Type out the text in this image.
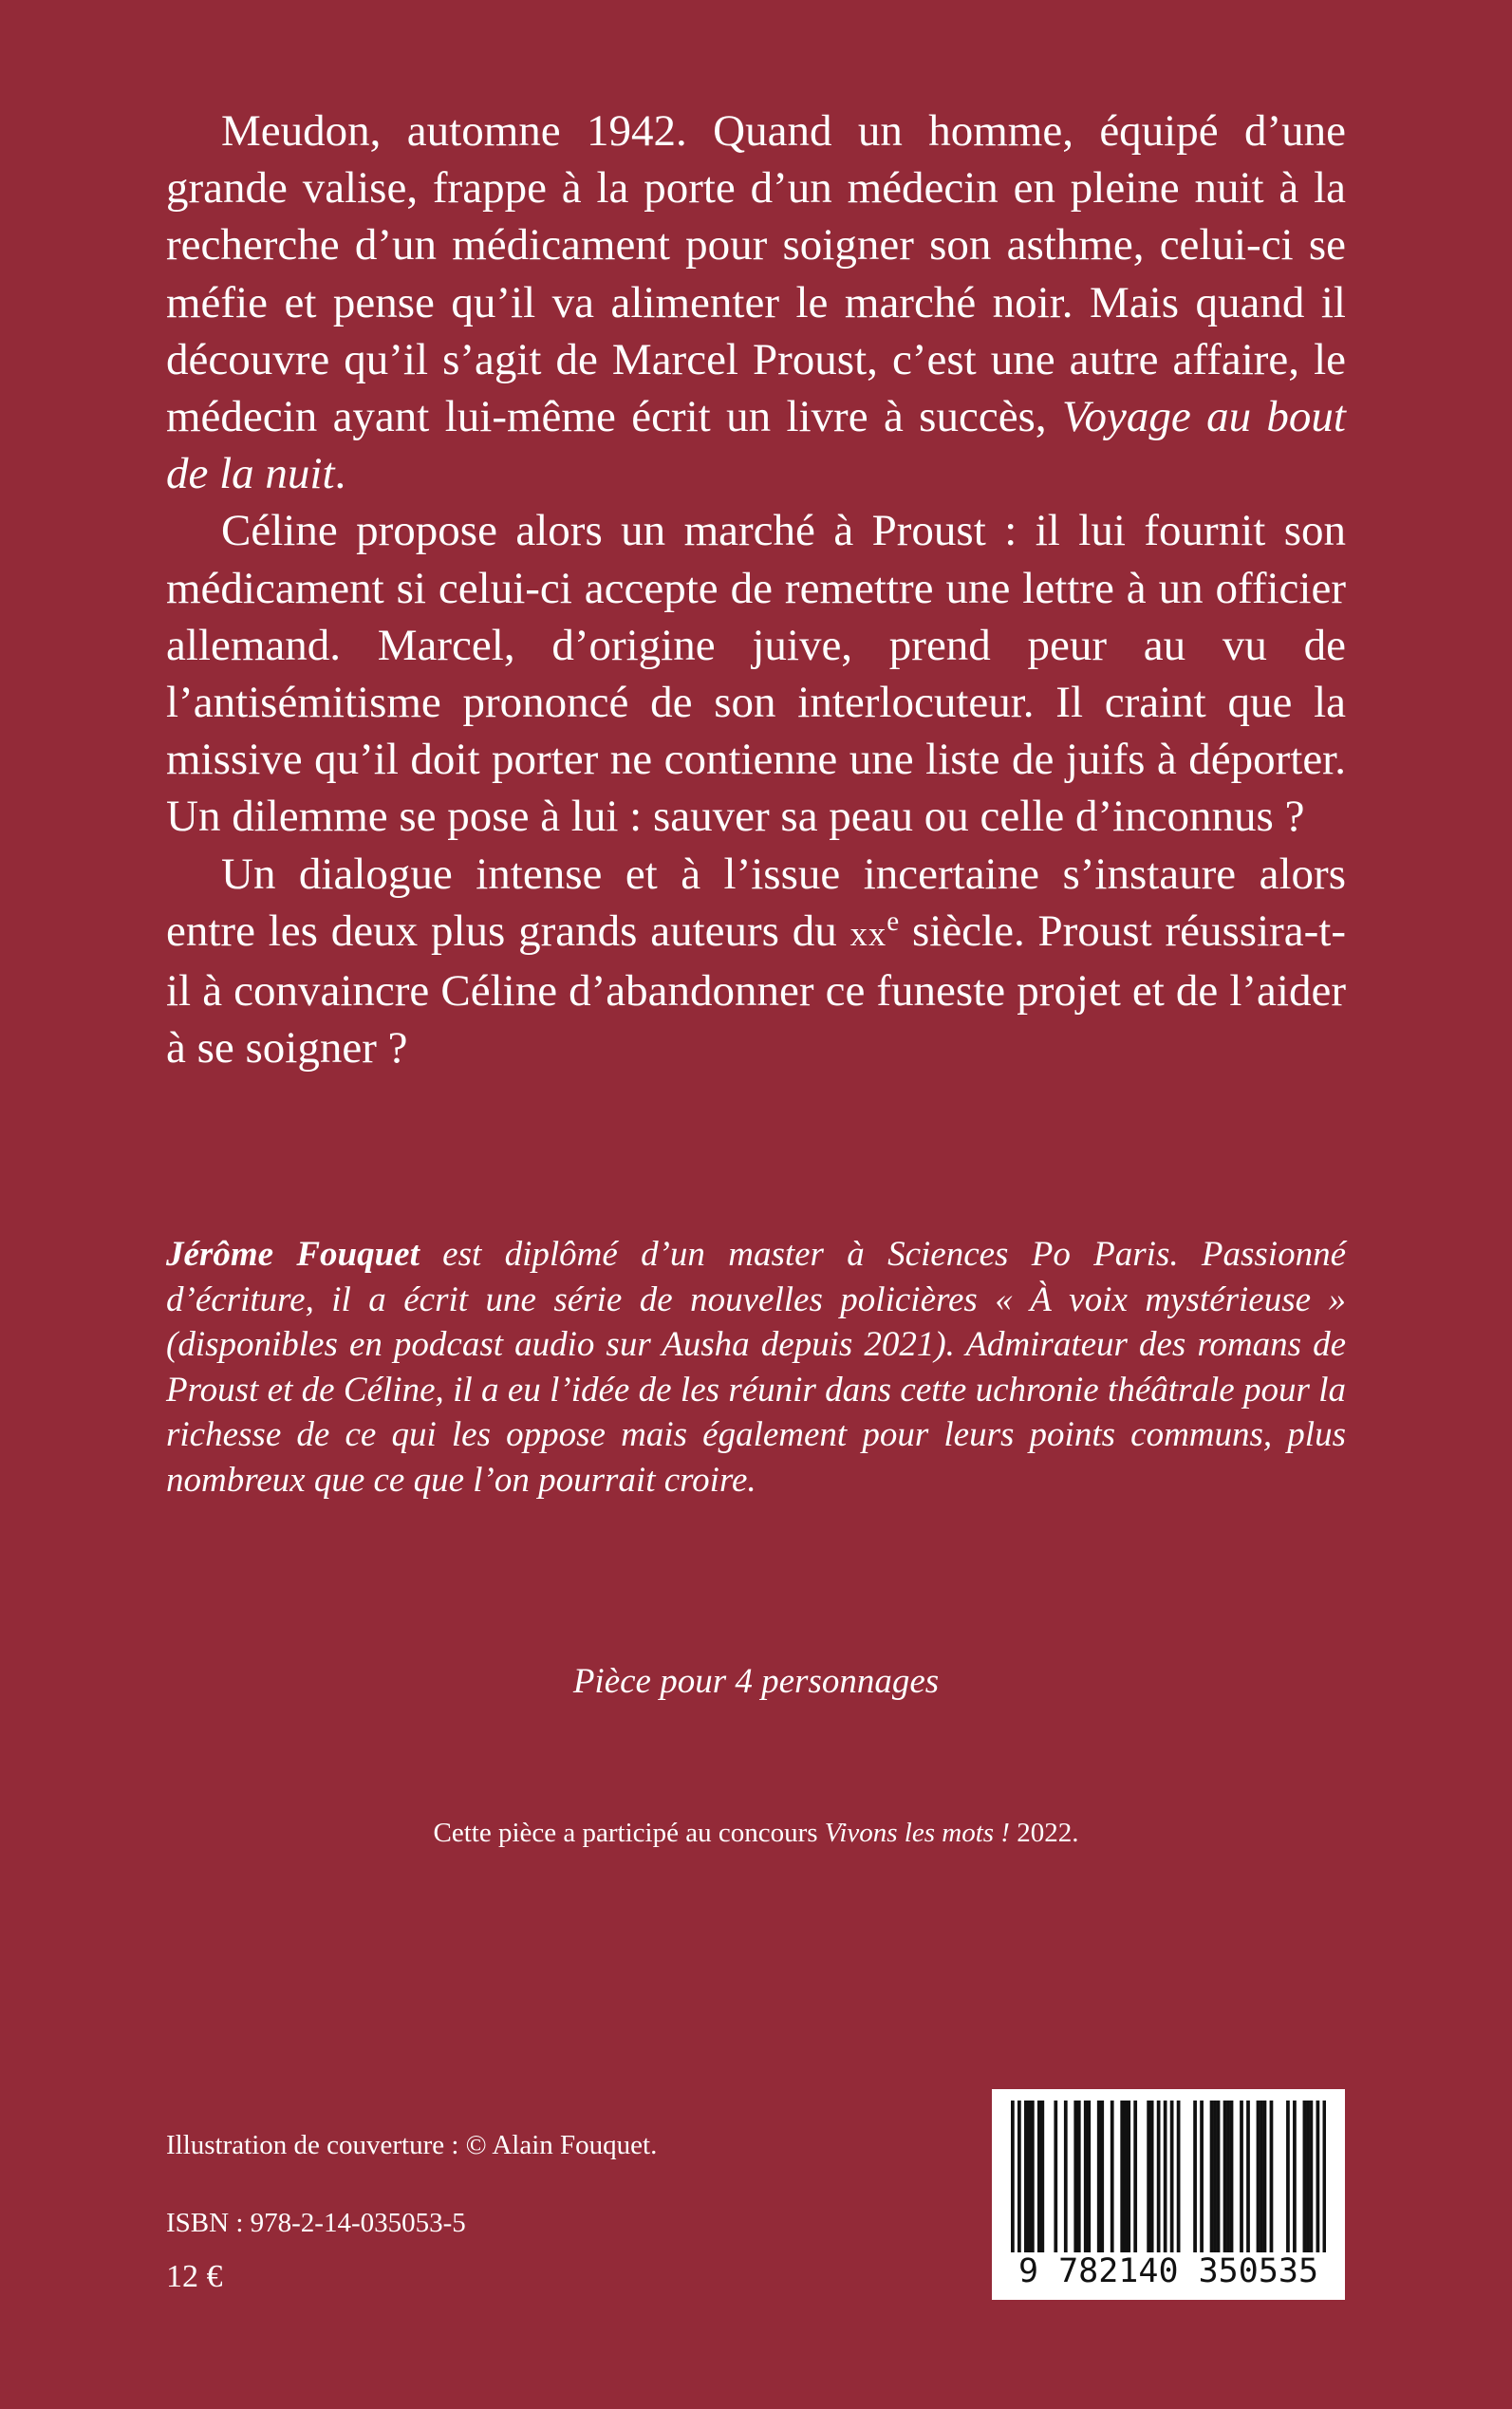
Meudon, automne 1942. Quand un homme, équipé d’une grande valise, frappe à la porte d’un médecin en pleine nuit à la recherche d’un médicament pour soigner son asthme, celui-ci se méfie et pense qu’il va alimenter le marché noir. Mais quand il découvre qu’il s’agit de Marcel Proust, c’est une autre affaire, le médecin ayant lui-même écrit un livre à succès, Voyage au bout de la nuit.

Céline propose alors un marché à Proust : il lui fournit son médicament si celui-ci accepte de remettre une lettre à un officier allemand. Marcel, d’origine juive, prend peur au vu de l’antisémitisme prononcé de son interlocuteur. Il craint que la missive qu’il doit porter ne contienne une liste de juifs à déporter. Un dilemme se pose à lui : sauver sa peau ou celle d’inconnus ?

Un dialogue intense et à l’issue incertaine s’instaure alors entre les deux plus grands auteurs du $xx^e$ siècle. Proust réussira-t-il à convaincre Céline d’abandonner ce funeste projet et de l’aider à se soigner ?

Jérôme Fouquet est diplômé d’un master à Sciences Po Paris. Passionné d’écriture, il a écrit une série de nouvelles policières « À voix mystérieuse » (disponibles en podcast audio sur Ausha depuis 2021). Admirateur des romans de Proust et de Céline, il a eu l’idée de les réunir dans cette uchronie théâtrale pour la richesse de ce qui les oppose mais également pour leurs points communs, plus nombreux que ce que l’on pourrait croire.

Pièce pour 4 personnages
Cette pièce a participé au concours Vivons les mots ! 2022.
Illustration de couverture : © Alain Fouquet.
ISBN : 978-2-14-035053-5
12 €	9 782140 350535
